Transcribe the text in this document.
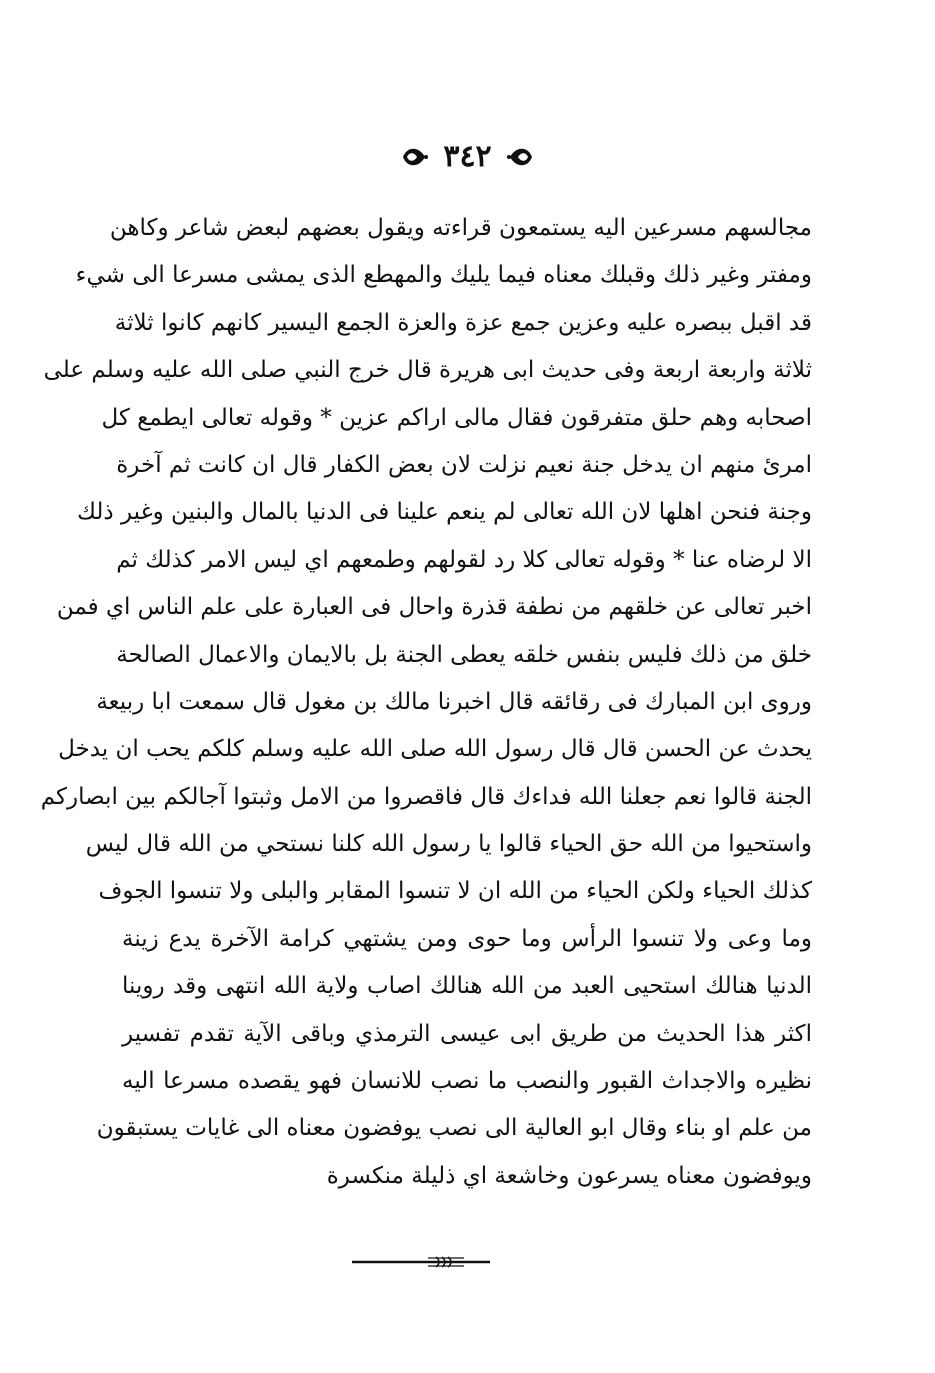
٣٤٢
مجالسهم مسرعين اليه يستمعون قراءته ويقول بعضهم لبعض شاعر وكاهن
ومفتر وغير ذلك وقبلك معناه فيما يليك والمهطع الذى يمشى مسرعا الى شيء
قد اقبل ببصره عليه وعزين جمع عزة والعزة الجمع اليسير كانهم كانوا ثلاثة
ثلاثة واربعة اربعة وفى حديث ابى هريرة قال خرج النبي صلى الله عليه وسلم على
اصحابه وهم حلق متفرقون فقال مالى اراكم عزين * وقوله تعالى ايطمع كل
امرئ منهم ان يدخل جنة نعيم نزلت لان بعض الكفار قال ان كانت ثم آخرة
وجنة فنحن اهلها لان الله تعالى لم ينعم علينا فى الدنيا بالمال والبنين وغير ذلك
الا لرضاه عنا * وقوله تعالى كلا رد لقولهم وطمعهم اي ليس الامر كذلك ثم
اخبر تعالى عن خلقهم من نطفة قذرة واحال فى العبارة على علم الناس اي فمن
خلق من ذلك فليس بنفس خلقه يعطى الجنة بل بالايمان والاعمال الصالحة
وروى ابن المبارك فى رقائقه قال اخبرنا مالك بن مغول قال سمعت ابا ربيعة
يحدث عن الحسن قال قال رسول الله صلى الله عليه وسلم كلكم يحب ان يدخل
الجنة قالوا نعم جعلنا الله فداءك قال فاقصروا من الامل وثبتوا آجالكم بين ابصاركم
واستحيوا من الله حق الحياء قالوا يا رسول الله كلنا نستحي من الله قال ليس
كذلك الحياء ولكن الحياء من الله ان لا تنسوا المقابر والبلى ولا تنسوا الجوف
وما وعى ولا تنسوا الرأس وما حوى ومن يشتهي كرامة الآخرة يدع زينة
الدنيا هنالك استحيى العبد من الله هنالك اصاب ولاية الله انتهى وقد روينا
اكثر هذا الحديث من طريق ابى عيسى الترمذي وباقى الآية تقدم تفسير
نظيره والاجداث القبور والنصب ما نصب للانسان فهو يقصده مسرعا اليه
من علم او بناء وقال ابو العالية الى نصب يوفضون معناه الى غايات يستبقون
ويوفضون معناه يسرعون وخاشعة اي ذليلة منكسرة
